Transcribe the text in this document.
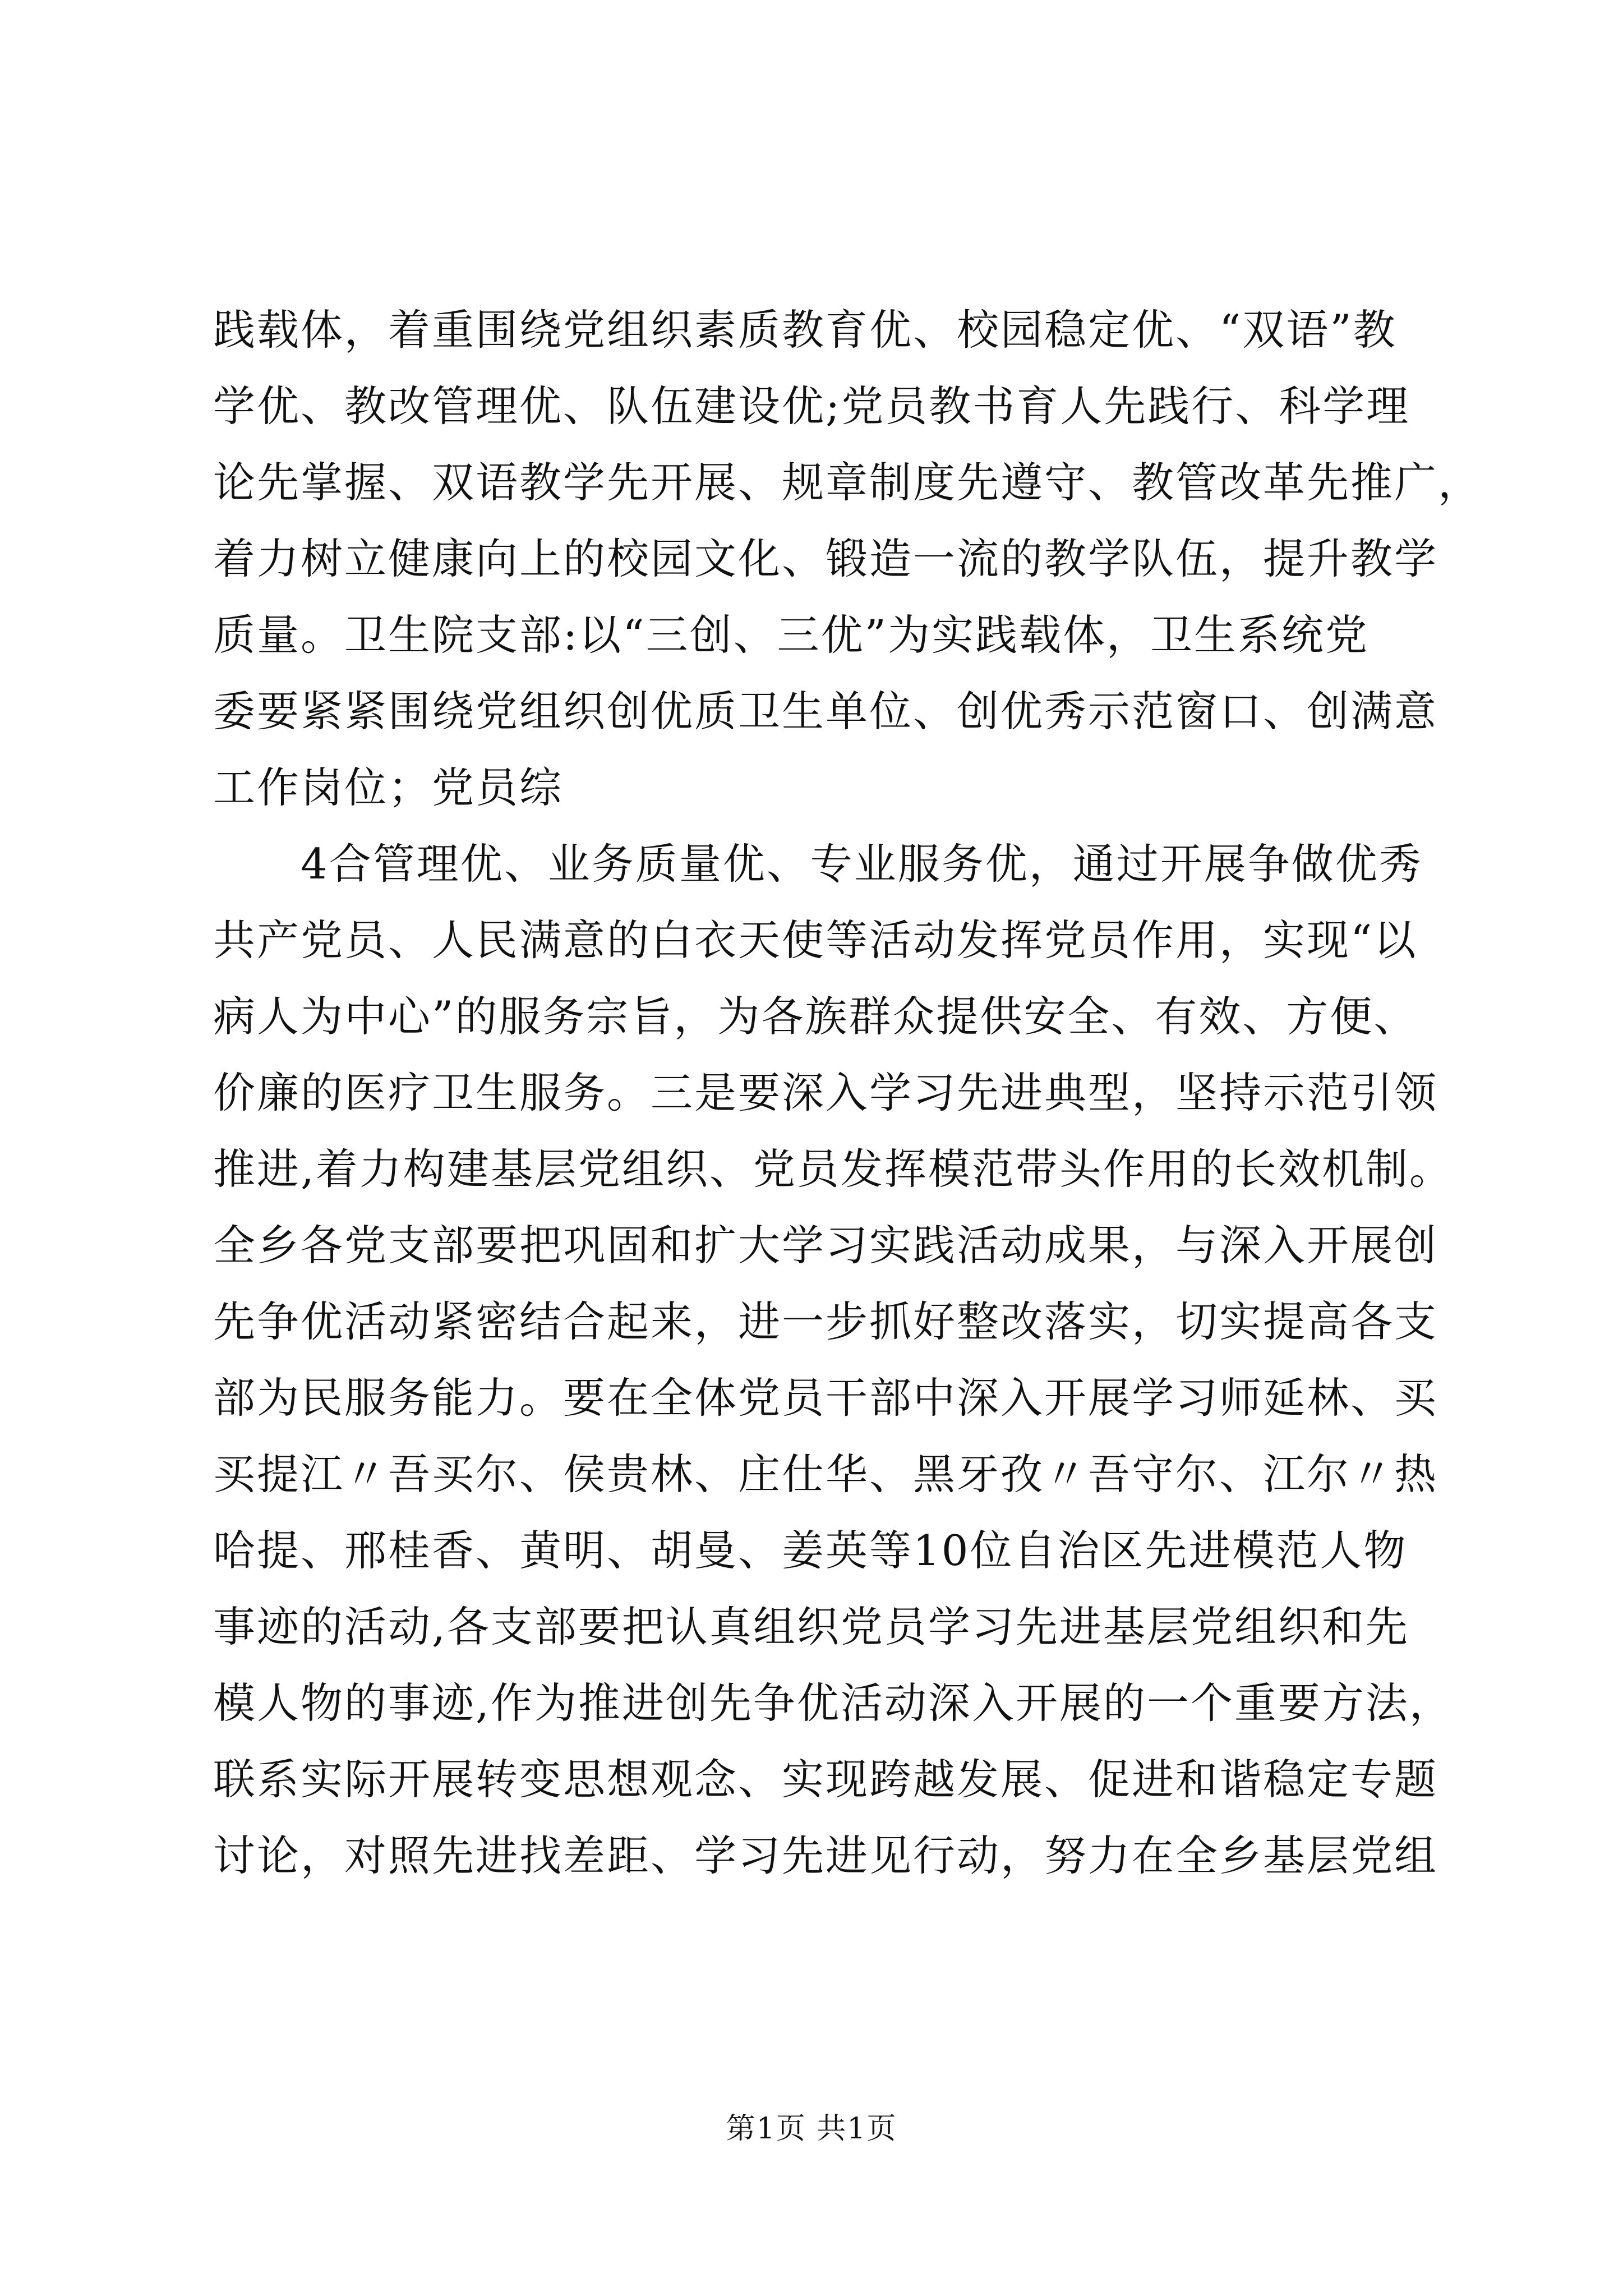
践载体，着重围绕党组织素质教育优、校园稳定优、“双语”教
学优、教改管理优、队伍建设优;党员教书育人先践行、科学理
论先掌握、双语教学先开展、规章制度先遵守、教管改革先推广，
着力树立健康向上的校园文化、锻造一流的教学队伍，提升教学
质量。卫生院支部:以“三创、三优”为实践载体，卫生系统党
委要紧紧围绕党组织创优质卫生单位、创优秀示范窗口、创满意
工作岗位；党员综
　　4合管理优、业务质量优、专业服务优，通过开展争做优秀
共产党员、人民满意的白衣天使等活动发挥党员作用，实现“以
病人为中心”的服务宗旨，为各族群众提供安全、有效、方便、
价廉的医疗卫生服务。三是要深入学习先进典型，坚持示范引领
推进,着力构建基层党组织、党员发挥模范带头作用的长效机制。
全乡各党支部要把巩固和扩大学习实践活动成果，与深入开展创
先争优活动紧密结合起来，进一步抓好整改落实，切实提高各支
部为民服务能力。要在全体党员干部中深入开展学习师延林、买
买提江〃吾买尔、侯贵林、庄仕华、黑牙孜〃吾守尔、江尔〃热
哈提、邢桂香、黄明、胡曼、姜英等10位自治区先进模范人物
事迹的活动,各支部要把认真组织党员学习先进基层党组织和先
模人物的事迹,作为推进创先争优活动深入开展的一个重要方法，
联系实际开展转变思想观念、实现跨越发展、促进和谐稳定专题
讨论，对照先进找差距、学习先进见行动，努力在全乡基层党组
第1页 共1页
